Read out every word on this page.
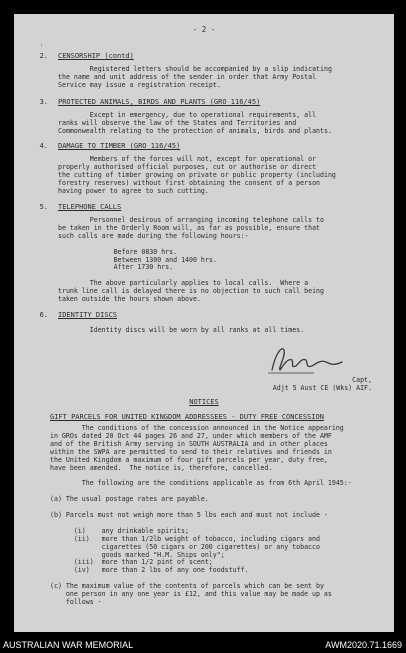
'
- 2 -
2. CENSORSHIP (contd)
Registered letters should be accompanied by a slip indicating
the name and unit address of the sender in order that Army Postal
Service may issue a registration receipt.
3. PROTECTED ANIMALS, BIRDS AND PLANTS (GRO 116/45)
Except in emergency, due to operational requirements, all
ranks will observe the law of the States and Territories and
Commonwealth relating to the protection of animals, birds and plants.
4. DAMAGE TO TIMBER (GRO 116/45)
Members of the forces will not, except for operational or
properly authorised official purposes, cut or authorise or direct
the cutting of timber growing on private or public property (including
forestry reserves) without first obtaining the consent of a person
having power to agree to such cutting.
5. TELEPHONE CALLS
Personnel desirous of arranging incoming telephone calls to
be taken in the Orderly Room will, as far as possible, ensure that
such calls are made during the following hours:-

Before 0830 hrs.
Between 1300 and 1400 hrs.
After 1730 hrs.

The above particularly applies to local calls.  Where a
trunk line call is delayed there is no objection to such call being
taken outside the hours shown above.
6. IDENTITY DISCS
Identity discs will be worn by all ranks at all times.
Capt,
Adjt 5 Aust CE (Wks) AIF.
NOTICES
GIFT PARCELS FOR UNITED KINGDOM ADDRESSEES - DUTY FREE CONCESSION
The conditions of the concession announced in the Notice appearing
in GROs dated 20 Oct 44 pages 26 and 27, under which members of the AMF
and of the British Army serving in SOUTH AUSTRALIA and in other places
within the SWPA are permitted to send to their relatives and friends in
the United Kingdom a maximum of four gift parcels per year, duty free,
have been amended.  The notice is, therefore, cancelled.

The following are the conditions applicable as from 6th April 1945:-

(a) The usual postage rates are payable.

(b) Parcels must not weigh more than 5 lbs each and must not include -

(i)    any drinkable spirits;
(ii)   more than 1/2lb weight of tobacco, including cigars and
cigarettes (50 cigars or 200 cigarettes) or any tobacco
goods marked "H.M. Ships only";
(iii)  more than 1/2 pint of scent;
(iv)   more than 2 lbs of any one foodstuff.

(c) The maximum value of the contents of parcels which can be sent by
one person in any one year is £12, and this value may be made up as
follows -
AUSTRALIAN WAR MEMORIAL	AWM2020.71.1669
